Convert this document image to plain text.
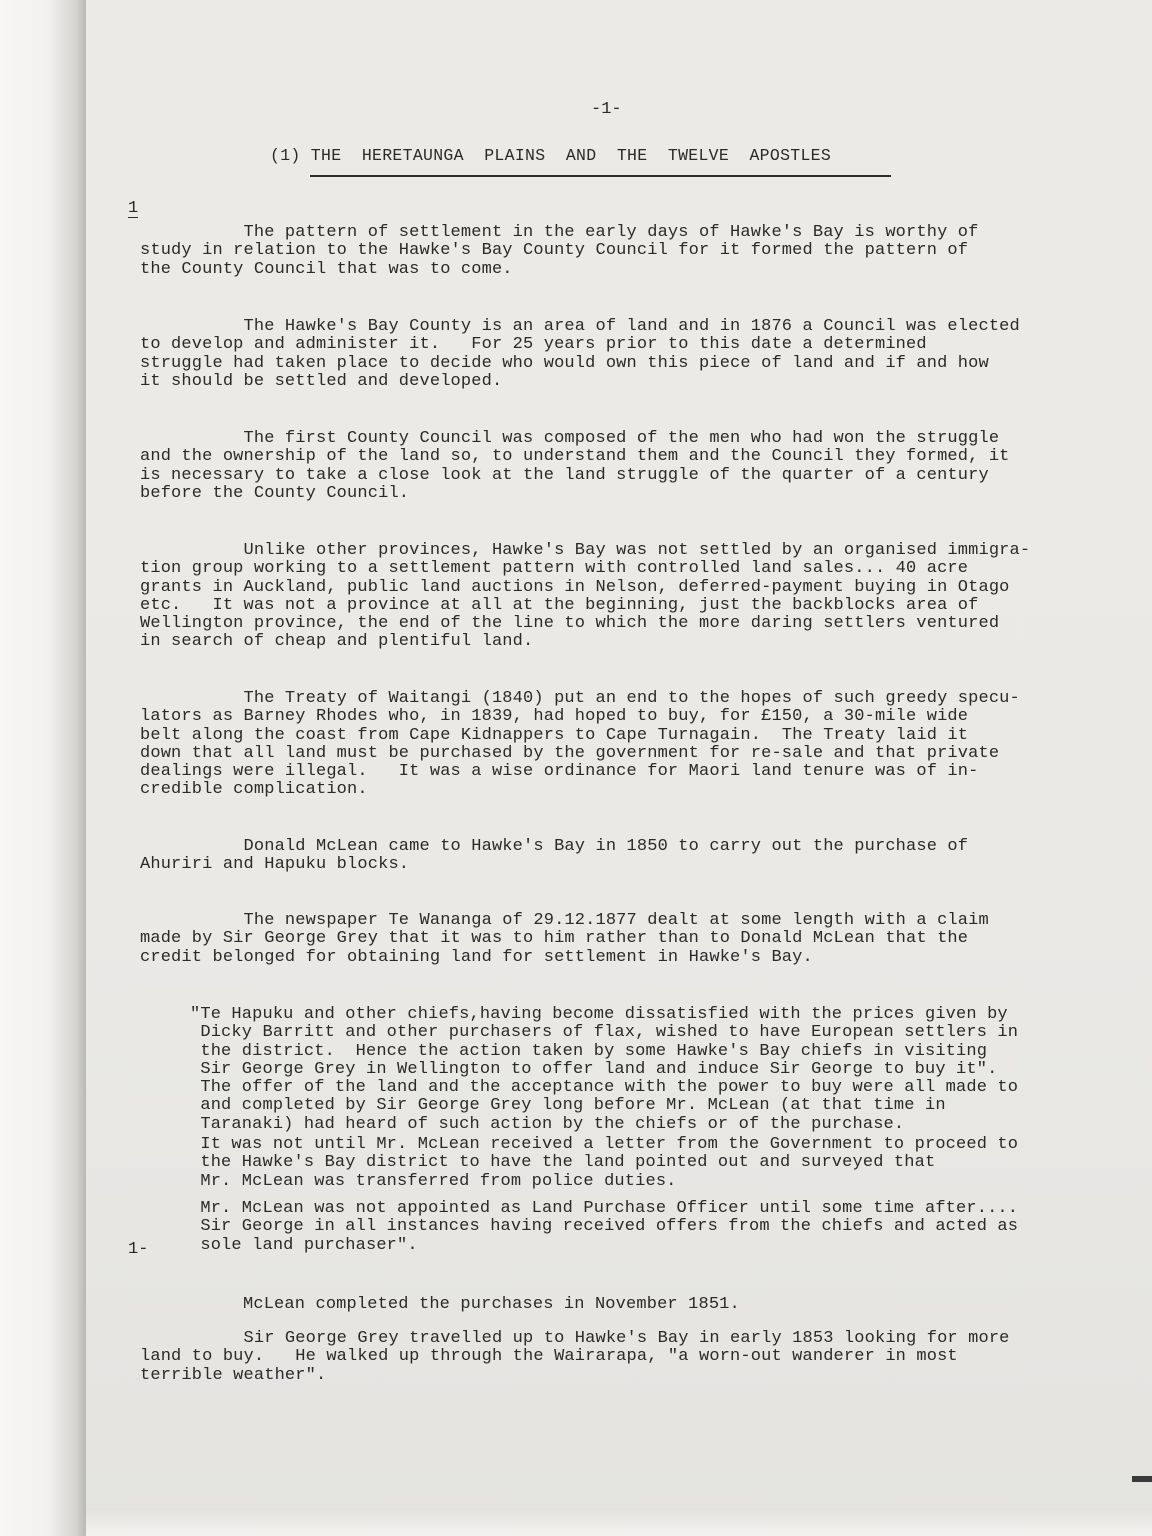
-1-
(1) THE  HERETAUNGA  PLAINS  AND  THE  TWELVE  APOSTLES
1
The pattern of settlement in the early days of Hawke's Bay is worthy of
study in relation to the Hawke's Bay County Council for it formed the pattern of
the County Council that was to come.
The Hawke's Bay County is an area of land and in 1876 a Council was elected
to develop and administer it.   For 25 years prior to this date a determined
struggle had taken place to decide who would own this piece of land and if and how
it should be settled and developed.
The first County Council was composed of the men who had won the struggle
and the ownership of the land so, to understand them and the Council they formed, it
is necessary to take a close look at the land struggle of the quarter of a century
before the County Council.
Unlike other provinces, Hawke's Bay was not settled by an organised immigra-
tion group working to a settlement pattern with controlled land sales... 40 acre
grants in Auckland, public land auctions in Nelson, deferred-payment buying in Otago
etc.   It was not a province at all at the beginning, just the backblocks area of
Wellington province, the end of the line to which the more daring settlers ventured
in search of cheap and plentiful land.
The Treaty of Waitangi (1840) put an end to the hopes of such greedy specu-
lators as Barney Rhodes who, in 1839, had hoped to buy, for £150, a 30-mile wide
belt along the coast from Cape Kidnappers to Cape Turnagain.  The Treaty laid it
down that all land must be purchased by the government for re-sale and that private
dealings were illegal.   It was a wise ordinance for Maori land tenure was of in-
credible complication.
Donald McLean came to Hawke's Bay in 1850 to carry out the purchase of
Ahuriri and Hapuku blocks.
The newspaper Te Wananga of 29.12.1877 dealt at some length with a claim
made by Sir George Grey that it was to him rather than to Donald McLean that the
credit belonged for obtaining land for settlement in Hawke's Bay.
"Te Hapuku and other chiefs,having become dissatisfied with the prices given by
Dicky Barritt and other purchasers of flax, wished to have European settlers in
the district.  Hence the action taken by some Hawke's Bay chiefs in visiting
Sir George Grey in Wellington to offer land and induce Sir George to buy it".
The offer of the land and the acceptance with the power to buy were all made to
and completed by Sir George Grey long before Mr. McLean (at that time in
Taranaki) had heard of such action by the chiefs or of the purchase.
It was not until Mr. McLean received a letter from the Government to proceed to
the Hawke's Bay district to have the land pointed out and surveyed that
Mr. McLean was transferred from police duties.
Mr. McLean was not appointed as Land Purchase Officer until some time after....
Sir George in all instances having received offers from the chiefs and acted as
sole land purchaser".
1-
McLean completed the purchases in November 1851.
Sir George Grey travelled up to Hawke's Bay in early 1853 looking for more
land to buy.   He walked up through the Wairarapa, "a worn-out wanderer in most
terrible weather".
